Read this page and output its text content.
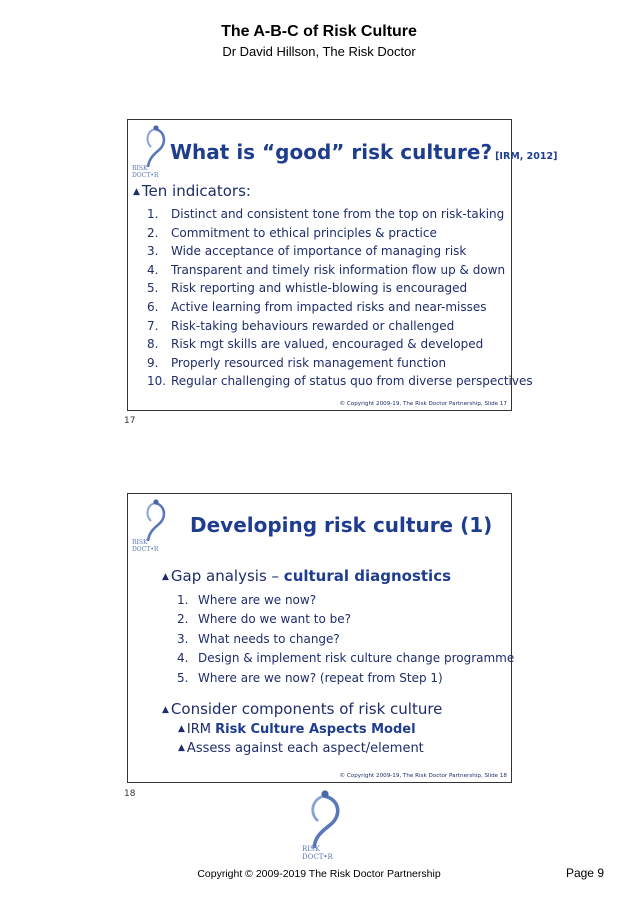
The A-B-C of Risk Culture
Dr David Hillson, The Risk Doctor
RISK
DOCT•R
What is “good” risk culture? [IRM, 2012]
▲ Ten indicators:
1. Distinct and consistent tone from the top on risk-taking
2. Commitment to ethical principles & practice
3. Wide acceptance of importance of managing risk
4. Transparent and timely risk information flow up & down
5. Risk reporting and whistle-blowing is encouraged
6. Active learning from impacted risks and near-misses
7. Risk-taking behaviours rewarded or challenged
8. Risk mgt skills are valued, encouraged & developed
9. Properly resourced risk management function
10. Regular challenging of status quo from diverse perspectives
© Copyright 2009-19, The Risk Doctor Partnership, Slide 17
17
RISK
DOCT•R
Developing risk culture (1)
▲ Gap analysis – cultural diagnostics
1. Where are we now?
2. Where do we want to be?
3. What needs to change?
4. Design & implement risk culture change programme
5. Where are we now? (repeat from Step 1)
▲ Consider components of risk culture
▲ IRM Risk Culture Aspects Model
▲ Assess against each aspect/element
© Copyright 2009-19, The Risk Doctor Partnership, Slide 18
18
RISK
DOCT•R
Copyright © 2009-2019 The Risk Doctor Partnership	Page 9
